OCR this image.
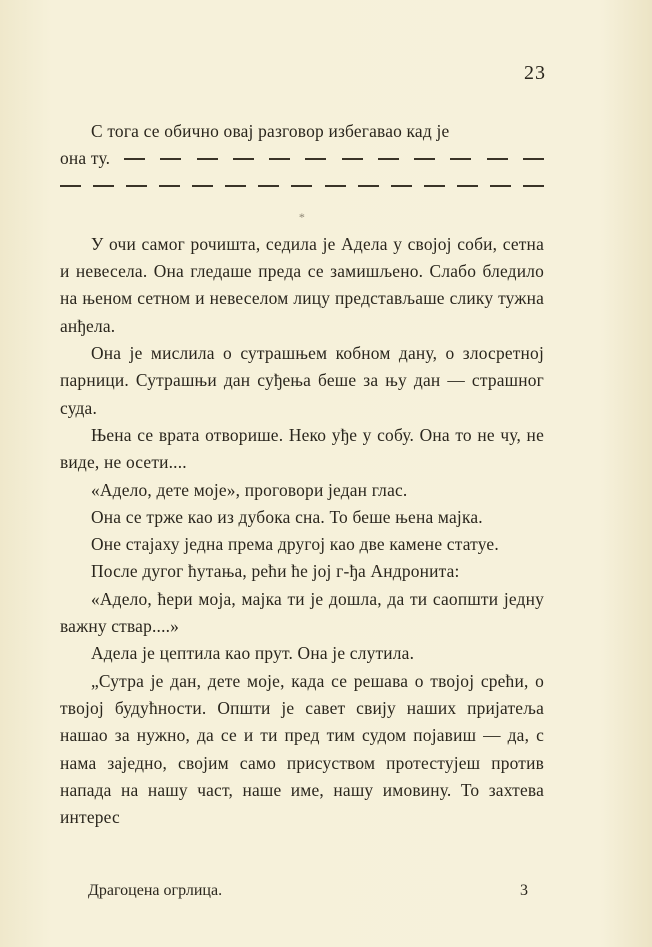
23

С тога се обично овај разговор избегавао кад је

она ту.
*

У очи самог рочишта, седила је Адела у својој соби, сетна и невесела. Она гледаше преда се замишљено. Слабо бледило на њеном сетном и невеселом лицу представљаше слику тужна анђела.

Она је мислила о сутрашњем кобном дану, о злосретној парници. Сутрашњи дан суђења беше за њу дан — страшног суда.

Њена се врата отворише. Неко уђе у собу. Она то не чу, не виде, не осети....

«Адело, дете моје», проговори један глас.

Она се трже као из дубока сна. То беше њена мајка.

Оне стајаху једна према другој као две камене статуе.

После дугог ћутања, рећи ће јој г-ђа Андронита:

«Адело, ћери моја, мајка ти је дошла, да ти саопшти једну важну ствар....»

Адела је цептила као прут. Она је слутила.

„Сутра је дан, дете моје, када се решава о твојој срећи, о твојој будућности. Општи је савет свију наших пријатеља нашао за нужно, да се и ти пред тим судом појавиш — да, с нама заједно, својим само присуством протестујеш против напада на нашу част, наше име, нашу имовину. То захтева интерес

Драгоцена огрлица.	3
